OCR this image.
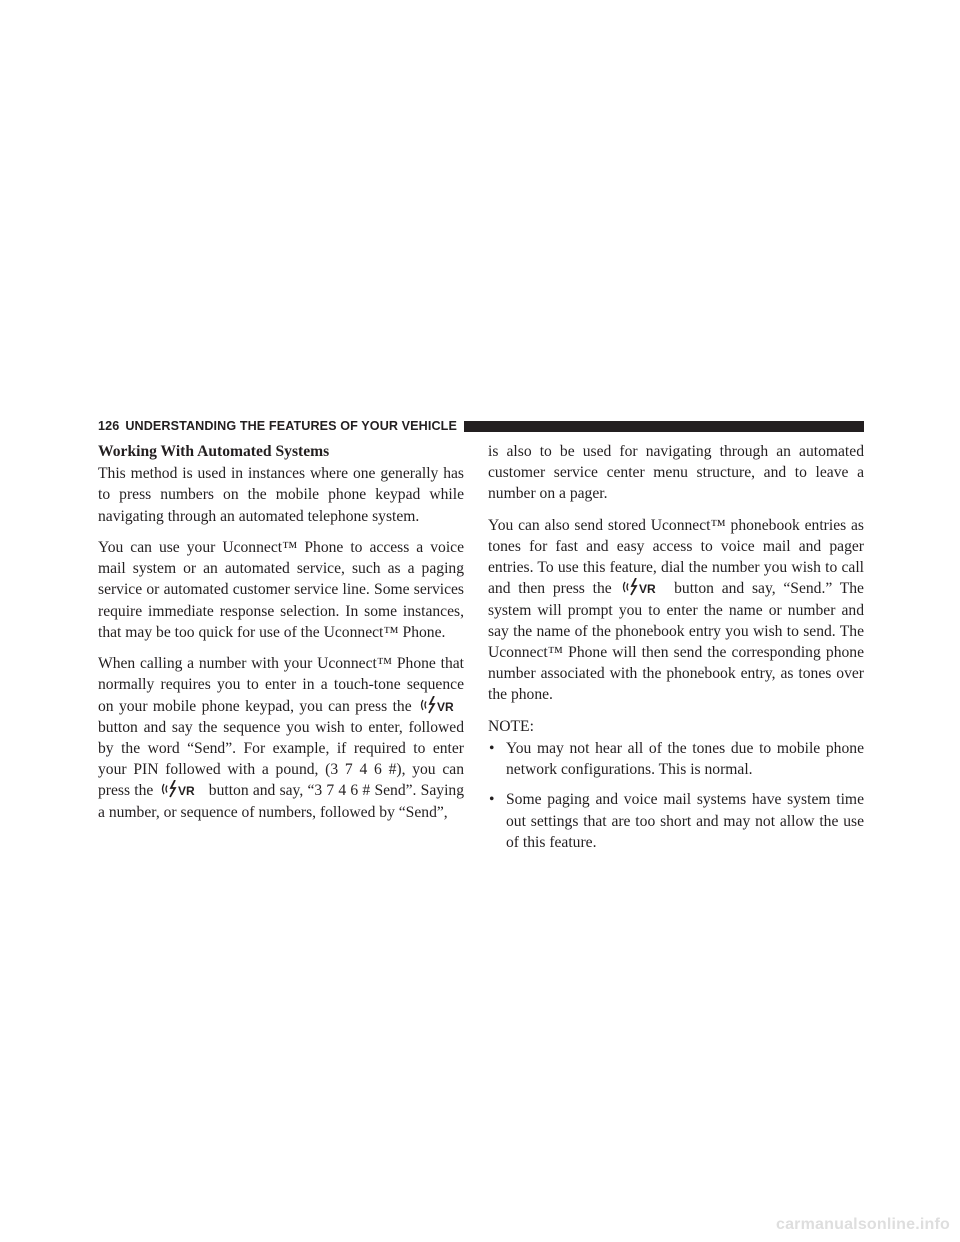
126 UNDERSTANDING THE FEATURES OF YOUR VEHICLE
Working With Automated Systems

This method is used in instances where one generally has to press numbers on the mobile phone keypad while navigating through an automated telephone system.

You can use your Uconnect™ Phone to access a voice mail system or an automated service, such as a paging service or automated customer service line. Some services require immediate response selection. In some instances, that may be too quick for use of the Uconnect™ Phone.

When calling a number with your Uconnect™ Phone that normally requires you to enter in a touch-tone sequence on your mobile phone keypad, you can press the VR
button and say the sequence you wish to enter, followed by the word “Send”. For example, if required to enter your PIN followed with a pound, (3 7 4 6 #), you can press the VR button and say, “3 7 4 6 # Send”. Saying a number, or sequence of numbers, followed by “Send”,

is also to be used for navigating through an automated customer service center menu structure, and to leave a number on a pager.

You can also send stored Uconnect™ phonebook entries as tones for fast and easy access to voice mail and pager entries. To use this feature, dial the number you wish to call and then press the VR button and say, “Send.” The system will prompt you to enter the name or number and say the name of the phonebook entry you wish to send. The Uconnect™ Phone will then send the corresponding phone number associated with the phonebook entry, as tones over the phone.

NOTE:
• You may not hear all of the tones due to mobile phone network configurations. This is normal.
• Some paging and voice mail systems have system time out settings that are too short and may not allow the use of this feature.
carmanualsonline.info
